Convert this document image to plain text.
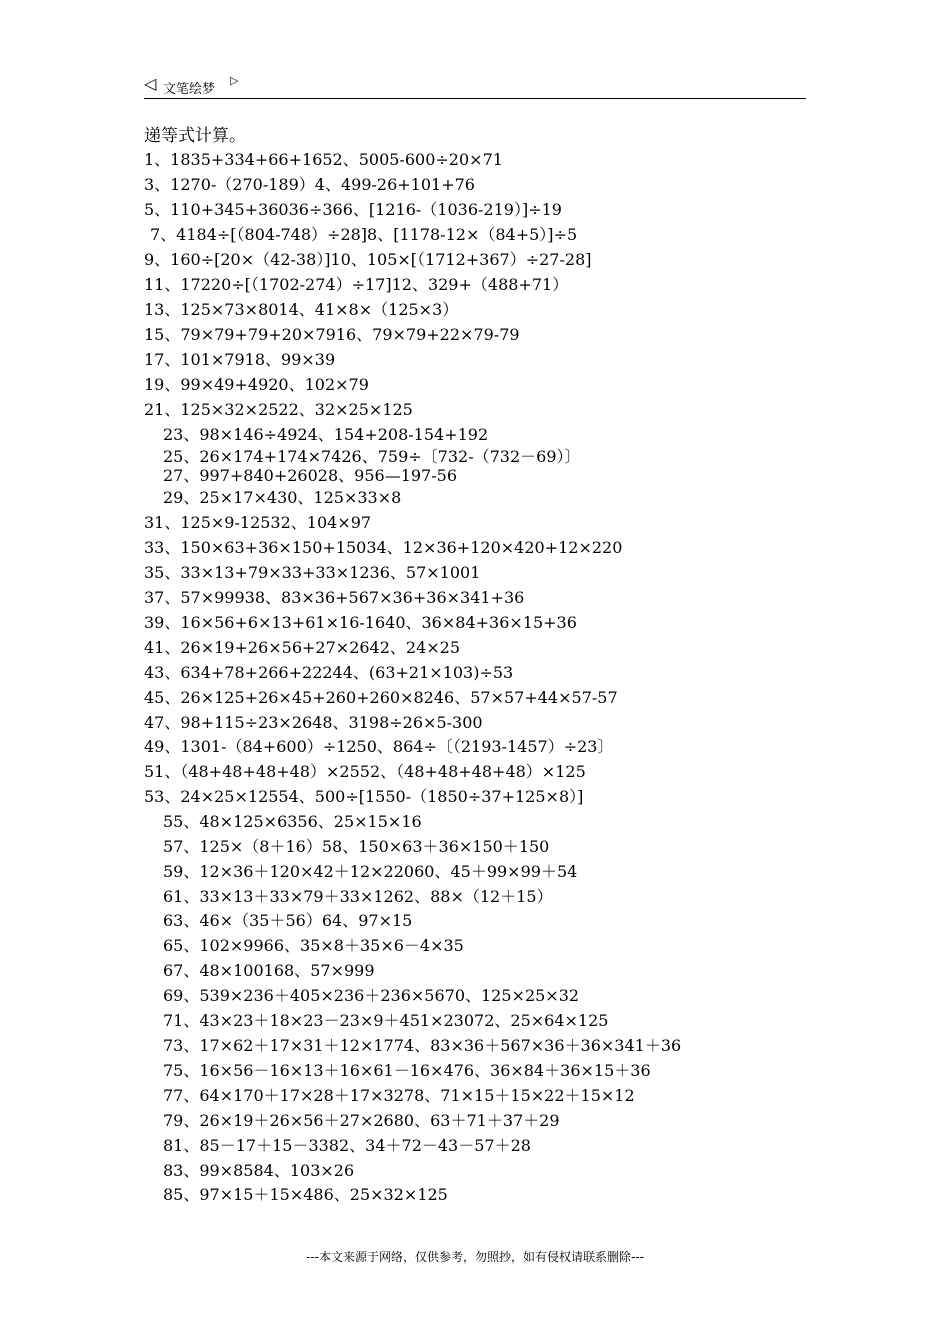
◁ 文笔绘梦
▷
递等式计算。
1、1835+334+66+1652、5005-600÷20×71
3、1270-（270-189）4、499-26+101+76
5、110+345+36036÷366、[1216-（1036-219）]÷19
7、4184÷[（804-748）÷28]8、[1178-12×（84+5）]÷5
9、160÷[20×（42-38）]10、105×[（1712+367）÷27-28]
11、17220÷[（1702-274）÷17]12、329+（488+71）
13、125×73×8014、41×8×（125×3）
15、79×79+79+20×7916、79×79+22×79-79
17、101×7918、99×39
19、99×49+4920、102×79
21、125×32×2522、32×25×125
23、98×146÷4924、154+208-154+192
25、26×174+174×7426、759÷〔732-（732－69）〕
27、997+840+26028、956—197-56
29、25×17×430、125×33×8
31、125×9-12532、104×97
33、150×63+36×150+15034、12×36+120×420+12×220
35、33×13+79×33+33×1236、57×1001
37、57×99938、83×36+567×36+36×341+36
39、16×56+6×13+61×16-1640、36×84+36×15+36
41、26×19+26×56+27×2642、24×25
43、634+78+266+22244、(63+21×103)÷53
45、26×125+26×45+260+260×8246、57×57+44×57-57
47、98+115÷23×2648、3198÷26×5-300
49、1301-（84+600）÷1250、864÷〔（2193-1457）÷23〕
51、（48+48+48+48）×2552、（48+48+48+48）×125
53、24×25×12554、500÷[1550-（1850÷37+125×8）]
55、48×125×6356、25×15×16
57、125×（8＋16）58、150×63＋36×150＋150
59、12×36＋120×42＋12×22060、45＋99×99＋54
61、33×13＋33×79＋33×1262、88×（12＋15）
63、46×（35＋56）64、97×15
65、102×9966、35×8＋35×6－4×35
67、48×100168、57×999
69、539×236＋405×236＋236×5670、125×25×32
71、43×23＋18×23－23×9＋451×23072、25×64×125
73、17×62＋17×31＋12×1774、83×36＋567×36＋36×341＋36
75、16×56－16×13＋16×61－16×476、36×84＋36×15＋36
77、64×170＋17×28＋17×3278、71×15＋15×22＋15×12
79、26×19＋26×56＋27×2680、63＋71＋37＋29
81、85－17＋15－3382、34＋72－43－57＋28
83、99×8584、103×26
85、97×15＋15×486、25×32×125
---本文来源于网络，仅供参考，勿照抄，如有侵权请联系删除---
